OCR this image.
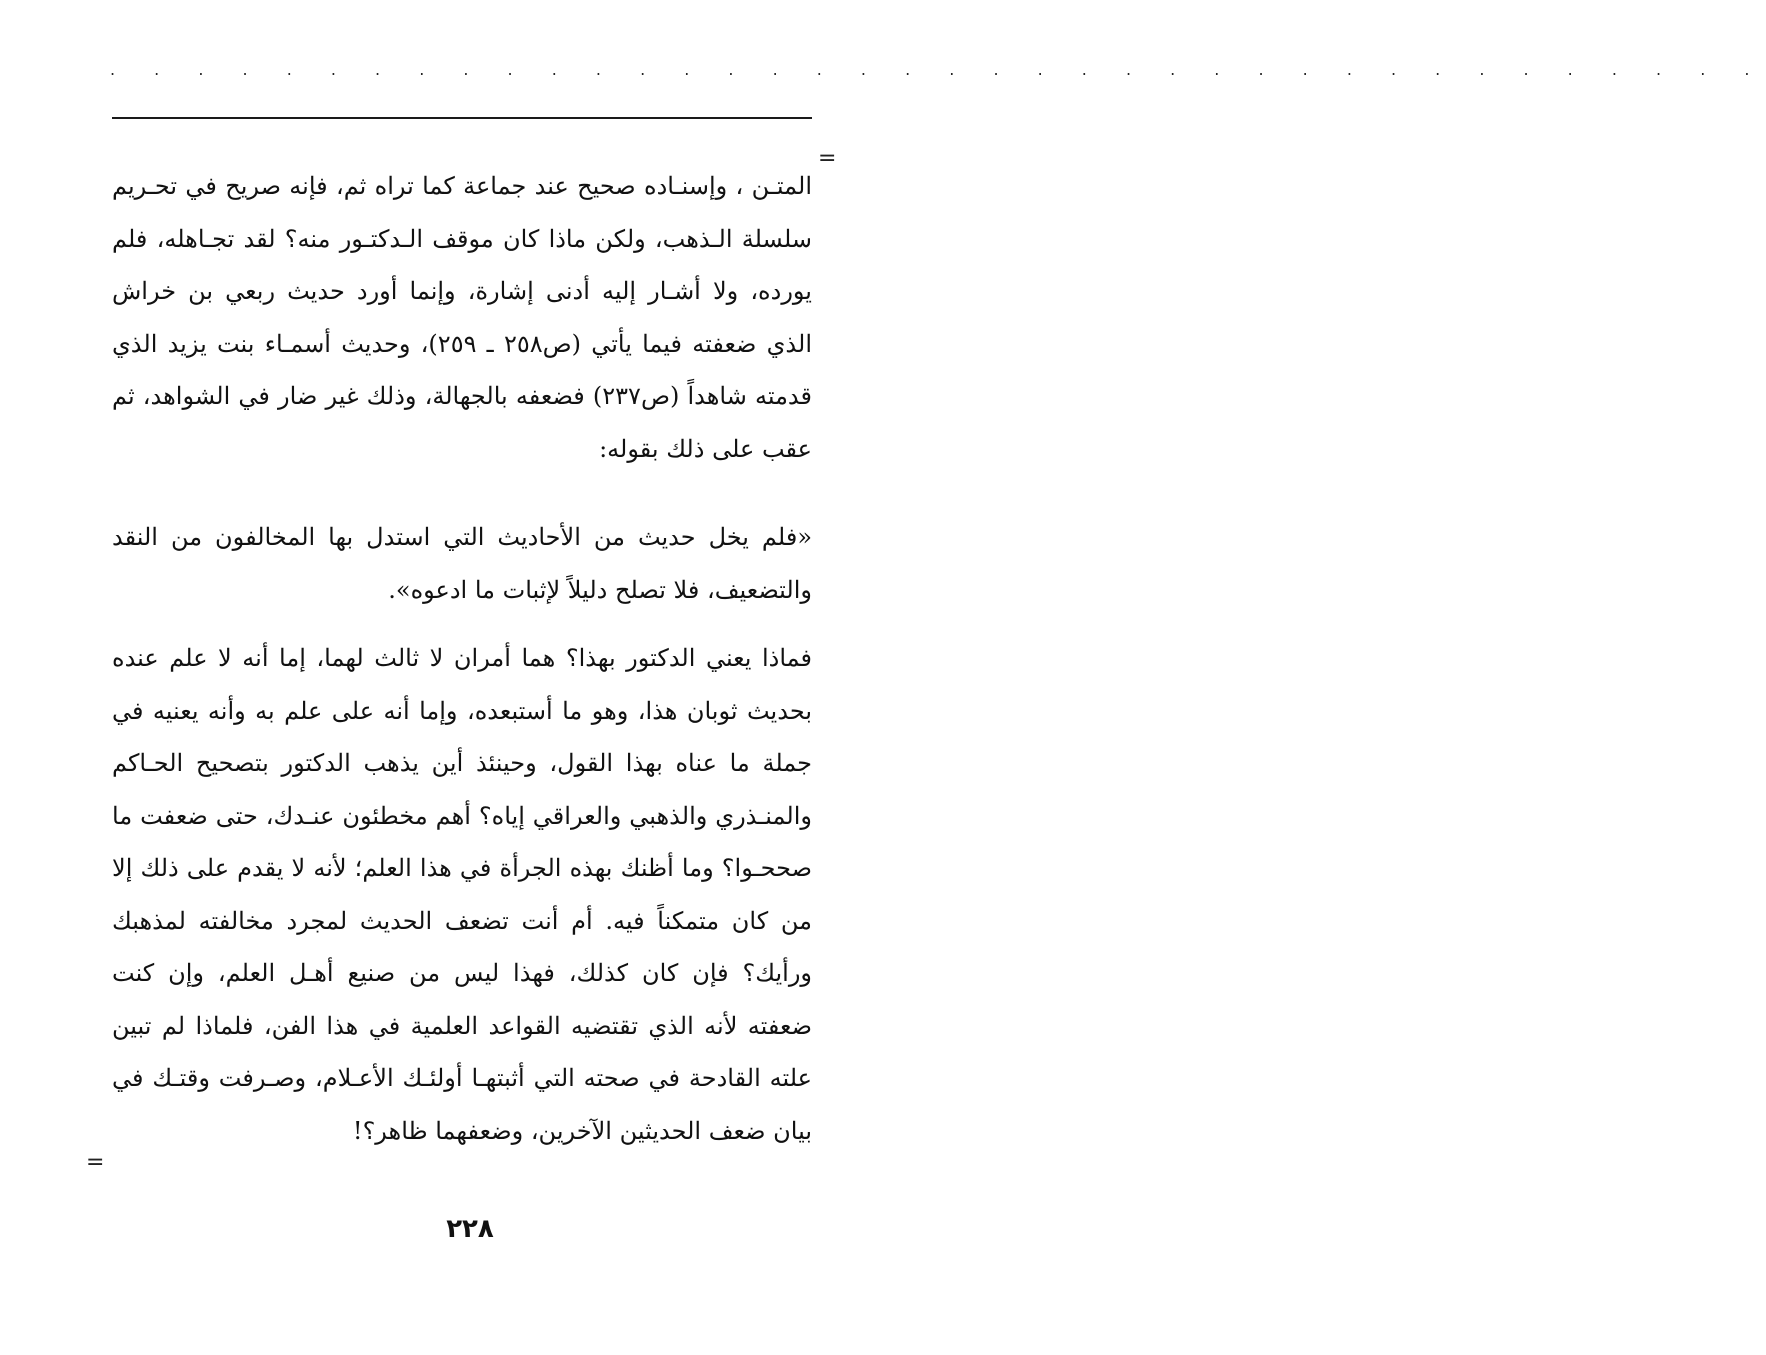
. . . . . . . . . . . . . . . . . . . . . . . . . . . . . . . . . . . . . .
=

المتـن ، وإسنـاده صحيح عند جماعة كما تراه ثم، فإنه صريح في تحـريم سلسلة الـذهب، ولكن ماذا كان موقف الـدكتـور منه؟ لقد تجـاهله، فلم يورده، ولا أشـار إليه أدنى إشارة، وإنما أورد حديث ربعي بن خراش الذي ضعفته فيما يأتي (ص٢٥٨ ـ ٢٥٩)، وحديث أسمـاء بنت يزيد الذي قدمته شاهداً (ص٢٣٧) فضعفه بالجهالة، وذلك غير ضار في الشواهد، ثم عقب على ذلك بقوله:

«فلم يخل حديث من الأحاديث التي استدل بها المخالفون من النقد والتضعيف، فلا تصلح دليلاً لإثبات ما ادعوه».

فماذا يعني الدكتور بهذا؟ هما أمران لا ثالث لهما، إما أنه لا علم عنده بحديث ثوبان هذا، وهو ما أستبعده، وإما أنه على علم به وأنه يعنيه في جملة ما عناه بهذا القول، وحينئذ أين يذهب الدكتور بتصحيح الحـاكم والمنـذري والذهبي والعراقي إياه؟ أهم مخطئون عنـدك، حتى ضعفت ما صححـوا؟ وما أظنك بهذه الجرأة في هذا العلم؛ لأنه لا يقدم على ذلك إلا من كان متمكناً فيه. أم أنت تضعف الحديث لمجرد مخالفته لمذهبك ورأيك؟ فإن كان كذلك، فهذا ليس من صنيع أهـل العلم، وإن كنت ضعفته لأنه الذي تقتضيه القواعد العلمية في هذا الفن، فلماذا لم تبين علته القادحة في صحته التي أثبتهـا أولئـك الأعـلام، وصـرفت وقتـك في بيان ضعف الحديثين الآخرين، وضعفهما ظاهر؟!

=
٢٢٨
